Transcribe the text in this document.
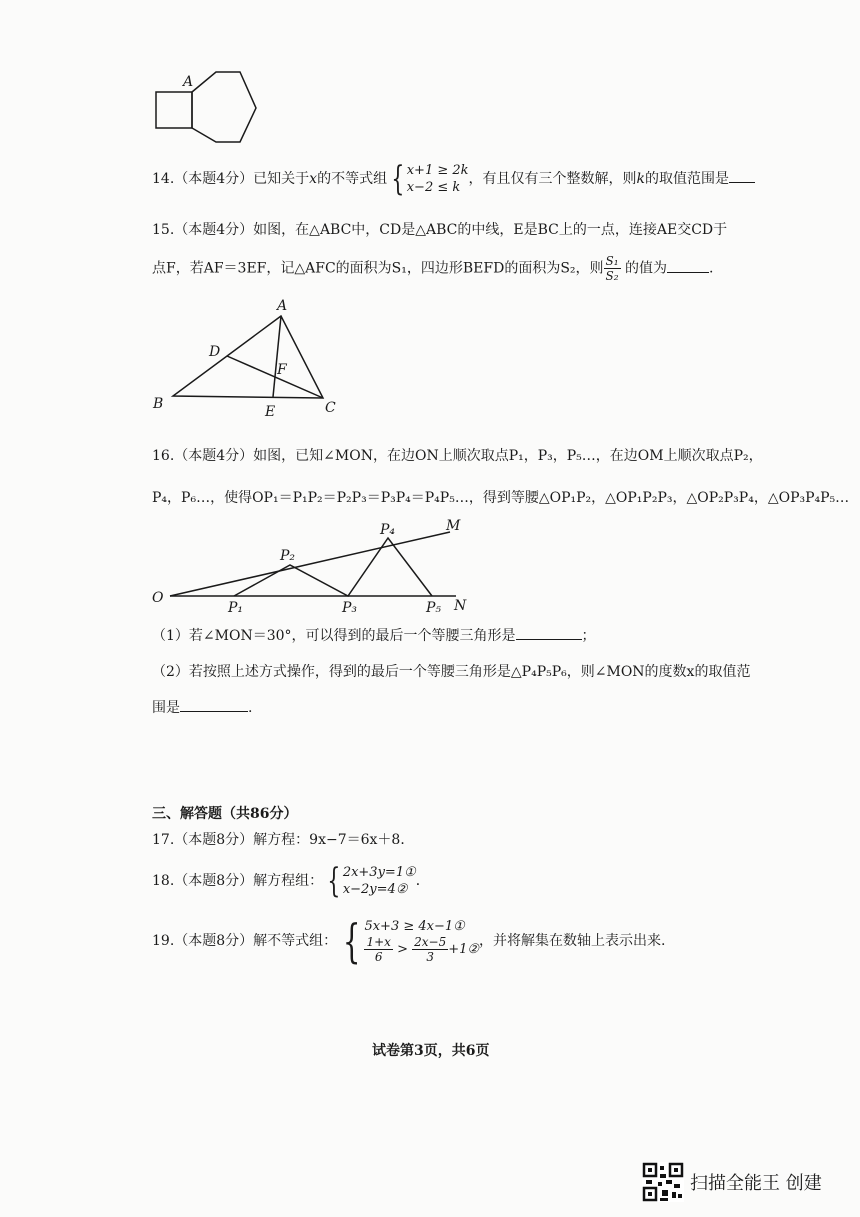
A
14.（本题4分）已知关于x的不等式组 { x+1 ≥ 2k
x−2 ≤ k
，有且仅有三个整数解，则k的取值范围是
15.（本题4分）如图，在△ABC中，CD是△ABC的中线，E是BC上的一点，连接AE交CD于
点F，若AF＝3EF，记△AFC的面积为S₁，四边形BEFD的面积为S₂，则 $\frac{\text{S₁}}{\text{S₂}}$ 的值为	.
A
B	C
D
E
F
16.（本题4分）如图，已知∠MON，在边ON上顺次取点P₁，P₃，P₅…，在边OM上顺次取点P₂，
P₄，P₆…，使得OP₁＝P₁P₂＝P₂P₃＝P₃P₄＝P₄P₅…，得到等腰△OP₁P₂，△OP₁P₂P₃，△OP₂P₃P₄，△OP₃P₄P₅…
O
M
N
P₁
P₂
P₃
P₄
P₅
（1）若∠MON＝30°，可以得到的最后一个等腰三角形是	；
（2）若按照上述方式操作，得到的最后一个等腰三角形是△P₄P₅P₆，则∠MON的度数x的取值范
围是	.
三、解答题（共86分）
17.（本题8分）解方程：9x−7＝6x＋8．
18.（本题8分）解方程组： { 2x+3y=1①
x−2y=4②
．
19.（本题8分）解不等式组： { 5x+3 ≥ 4x−1①
$\frac{1+x}{6}$
>
$\frac{2x-5}{3}$ +1②
，并将解集在数轴上表示出来.
试卷第3页，共6页
扫描全能王 创建
